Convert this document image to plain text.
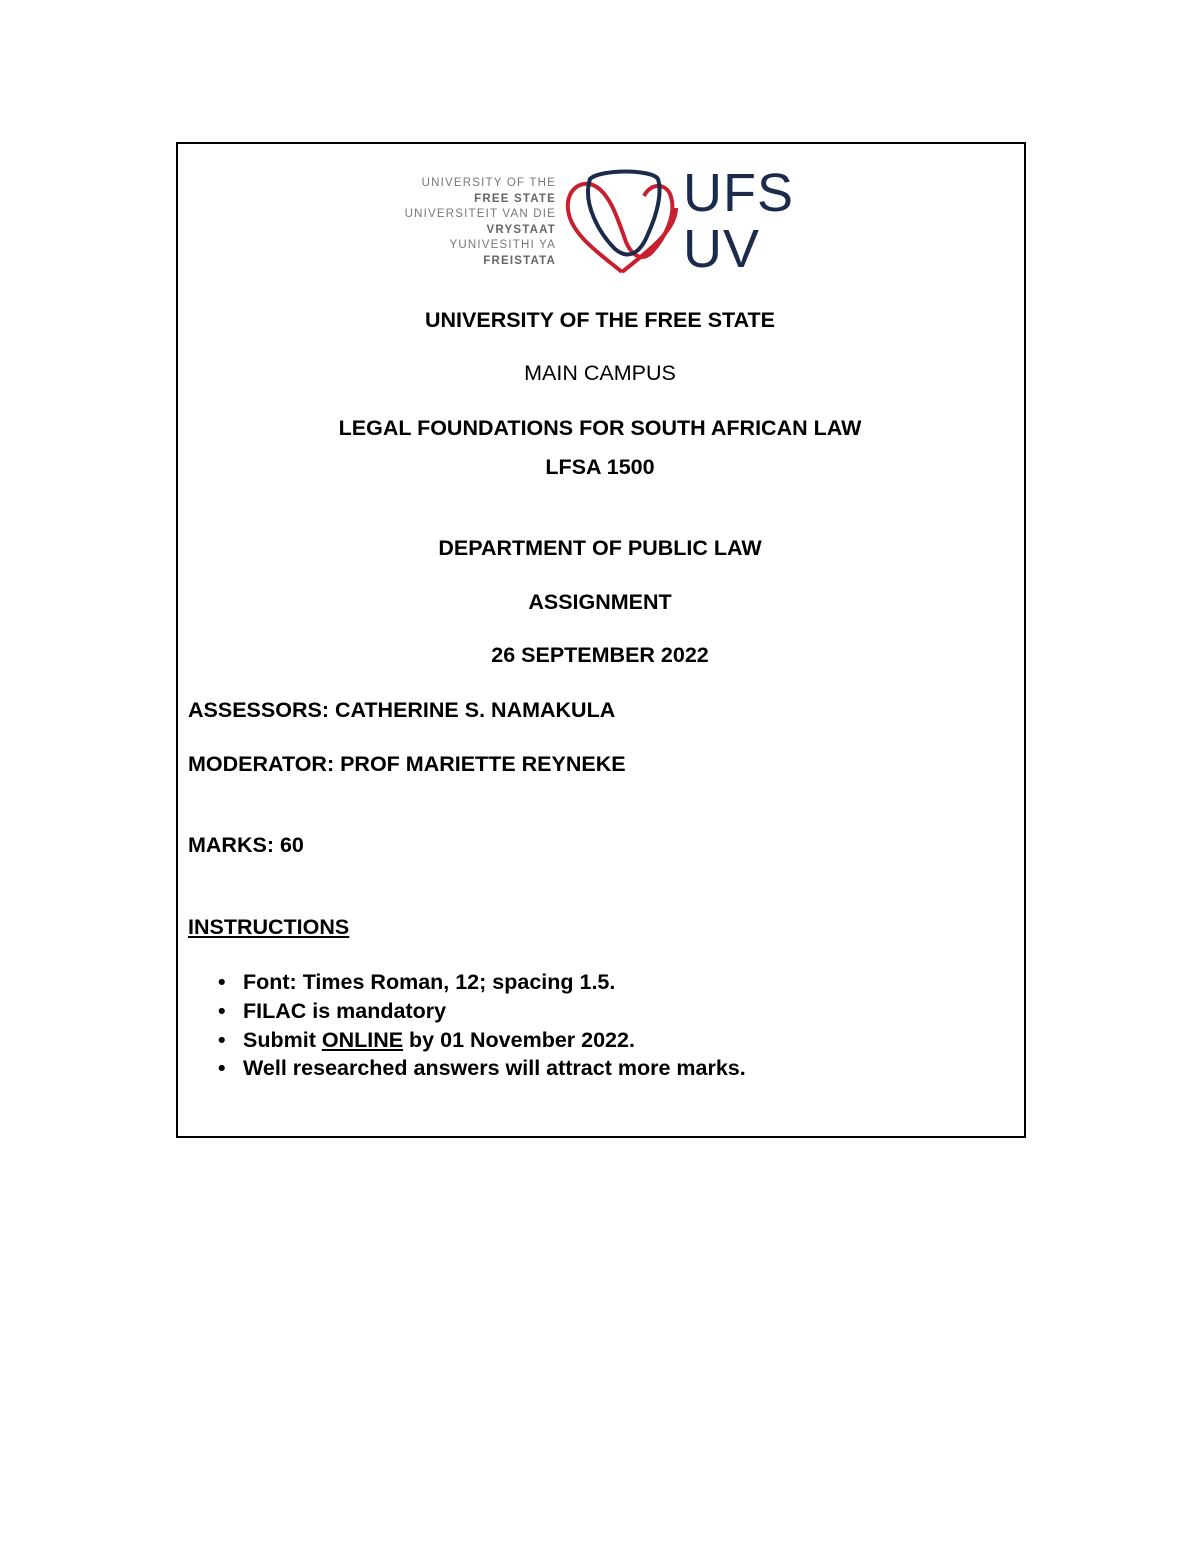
UNIVERSITY OF THE
FREE STATE
UNIVERSITEIT VAN DIE
VRYSTAAT
YUNIVESITHI YA
FREISTATA
UFS
UV
UNIVERSITY OF THE FREE STATE
MAIN CAMPUS
LEGAL FOUNDATIONS FOR SOUTH AFRICAN LAW
LFSA 1500
DEPARTMENT OF PUBLIC LAW
ASSIGNMENT
26 SEPTEMBER 2022
ASSESSORS: CATHERINE S. NAMAKULA
MODERATOR: PROF MARIETTE REYNEKE
MARKS: 60
INSTRUCTIONS
• Font: Times Roman, 12; spacing 1.5.
• FILAC is mandatory
• Submit ONLINE by 01 November 2022.
• Well researched answers will attract more marks.
